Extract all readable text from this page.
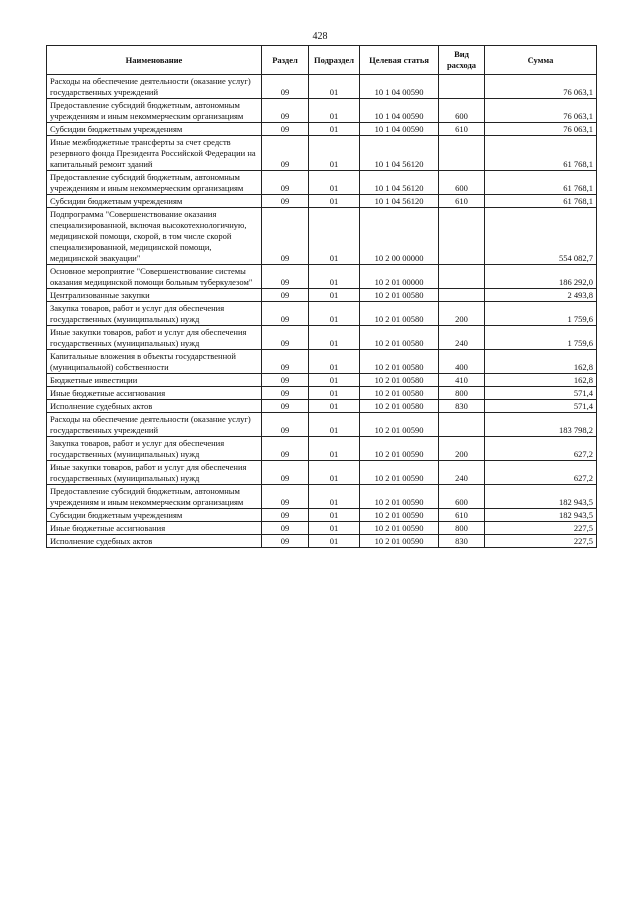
428
Наименование	Раздел	Подраздел	Целевая статья	Вид расхода	Сумма
Расходы на обеспечение деятельности (оказание услуг) государственных учреждений	09	01	10 1 04 00590		76 063,1
Предоставление субсидий бюджетным, автономным учреждениям и иным некоммерческим организациям	09	01	10 1 04 00590	600	76 063,1
Субсидии бюджетным учреждениям	09	01	10 1 04 00590	610	76 063,1
Иные межбюджетные трансферты за счет средств резервного фонда Президента Российской Федерации на капитальный ремонт зданий	09	01	10 1 04 56120		61 768,1
Предоставление субсидий бюджетным, автономным учреждениям и иным некоммерческим организациям	09	01	10 1 04 56120	600	61 768,1
Субсидии бюджетным учреждениям	09	01	10 1 04 56120	610	61 768,1
Подпрограмма "Совершенствование оказания специализированной, включая высокотехнологичную, медицинской помощи, скорой, в том числе скорой специализированной, медицинской помощи, медицинской эвакуации"	09	01	10 2 00 00000		554 082,7
Основное мероприятие "Совершенствование системы оказания медицинской помощи больным туберкулезом"	09	01	10 2 01 00000		186 292,0
Централизованные закупки	09	01	10 2 01 00580		2 493,8
Закупка товаров, работ и услуг для обеспечения государственных (муниципальных) нужд	09	01	10 2 01 00580	200	1 759,6
Иные закупки товаров, работ и услуг для обеспечения государственных (муниципальных) нужд	09	01	10 2 01 00580	240	1 759,6
Капитальные вложения в объекты государственной (муниципальной) собственности	09	01	10 2 01 00580	400	162,8
Бюджетные инвестиции	09	01	10 2 01 00580	410	162,8
Иные бюджетные ассигнования	09	01	10 2 01 00580	800	571,4
Исполнение судебных актов	09	01	10 2 01 00580	830	571,4
Расходы на обеспечение деятельности (оказание услуг) государственных учреждений	09	01	10 2 01 00590		183 798,2
Закупка товаров, работ и услуг для обеспечения государственных (муниципальных) нужд	09	01	10 2 01 00590	200	627,2
Иные закупки товаров, работ и услуг для обеспечения государственных (муниципальных) нужд	09	01	10 2 01 00590	240	627,2
Предоставление субсидий бюджетным, автономным учреждениям и иным некоммерческим организациям	09	01	10 2 01 00590	600	182 943,5
Субсидии бюджетным учреждениям	09	01	10 2 01 00590	610	182 943,5
Иные бюджетные ассигнования	09	01	10 2 01 00590	800	227,5
Исполнение судебных актов	09	01	10 2 01 00590	830	227,5
